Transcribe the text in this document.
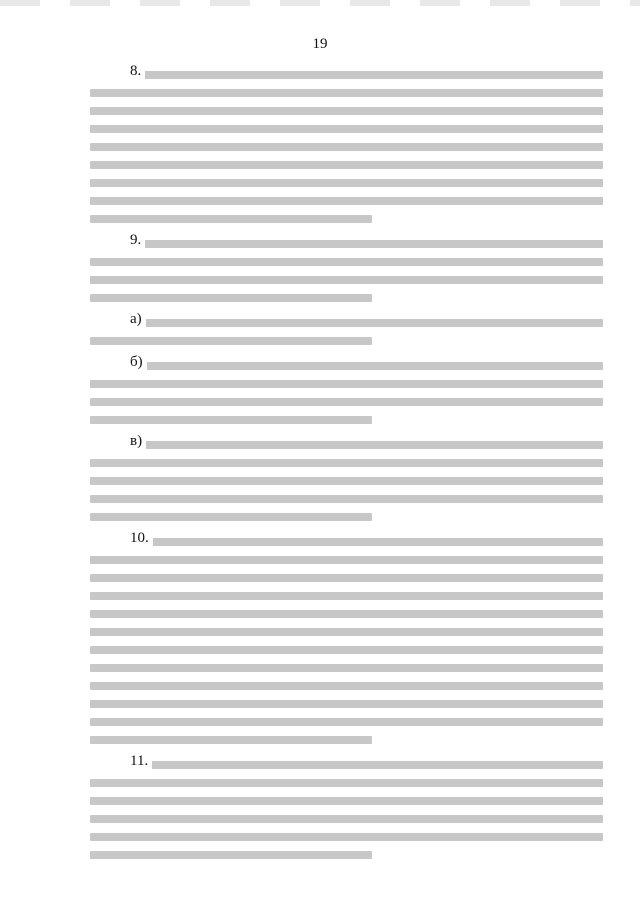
19
8.
9.
а)
б)
в)
10.
11.
